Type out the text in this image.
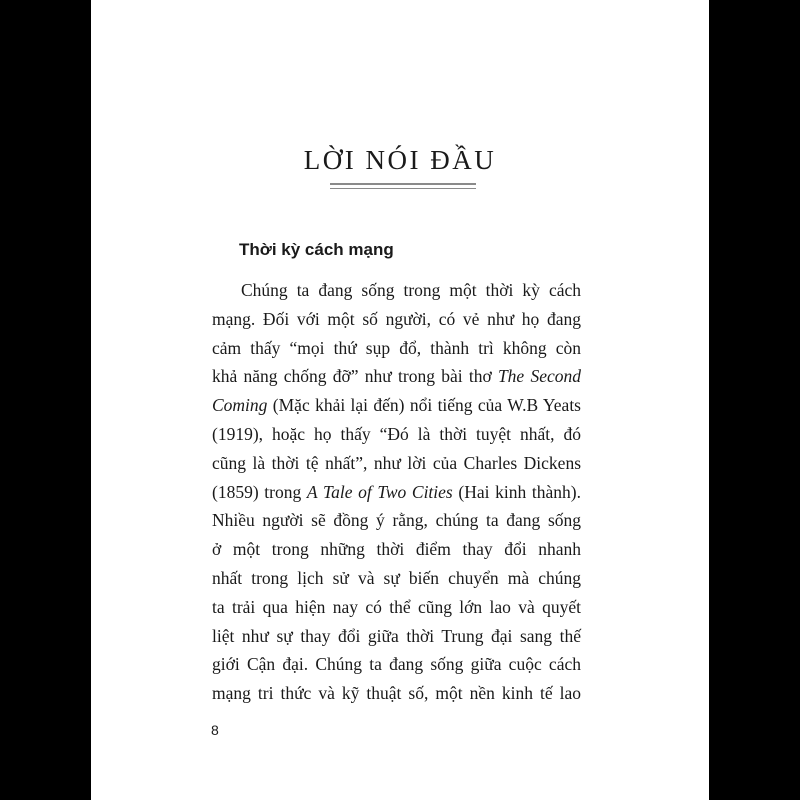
LỜI NÓI ĐẦU
Thời kỳ cách mạng
Chúng ta đang sống trong một thời kỳ cách
mạng. Đối với một số người, có vẻ như họ đang
cảm thấy “mọi thứ sụp đổ, thành trì không còn
khả năng chống đỡ” như trong bài thơ The Second
Coming (Mặc khải lại đến) nổi tiếng của W.B Yeats
(1919), hoặc họ thấy “Đó là thời tuyệt nhất, đó
cũng là thời tệ nhất”, như lời của Charles Dickens
(1859) trong A Tale of Two Cities (Hai kinh thành).
Nhiều người sẽ đồng ý rằng, chúng ta đang sống
ở một trong những thời điểm thay đổi nhanh
nhất trong lịch sử và sự biến chuyển mà chúng
ta trải qua hiện nay có thể cũng lớn lao và quyết
liệt như sự thay đổi giữa thời Trung đại sang thế
giới Cận đại. Chúng ta đang sống giữa cuộc cách
mạng tri thức và kỹ thuật số, một nền kinh tế lao
8
